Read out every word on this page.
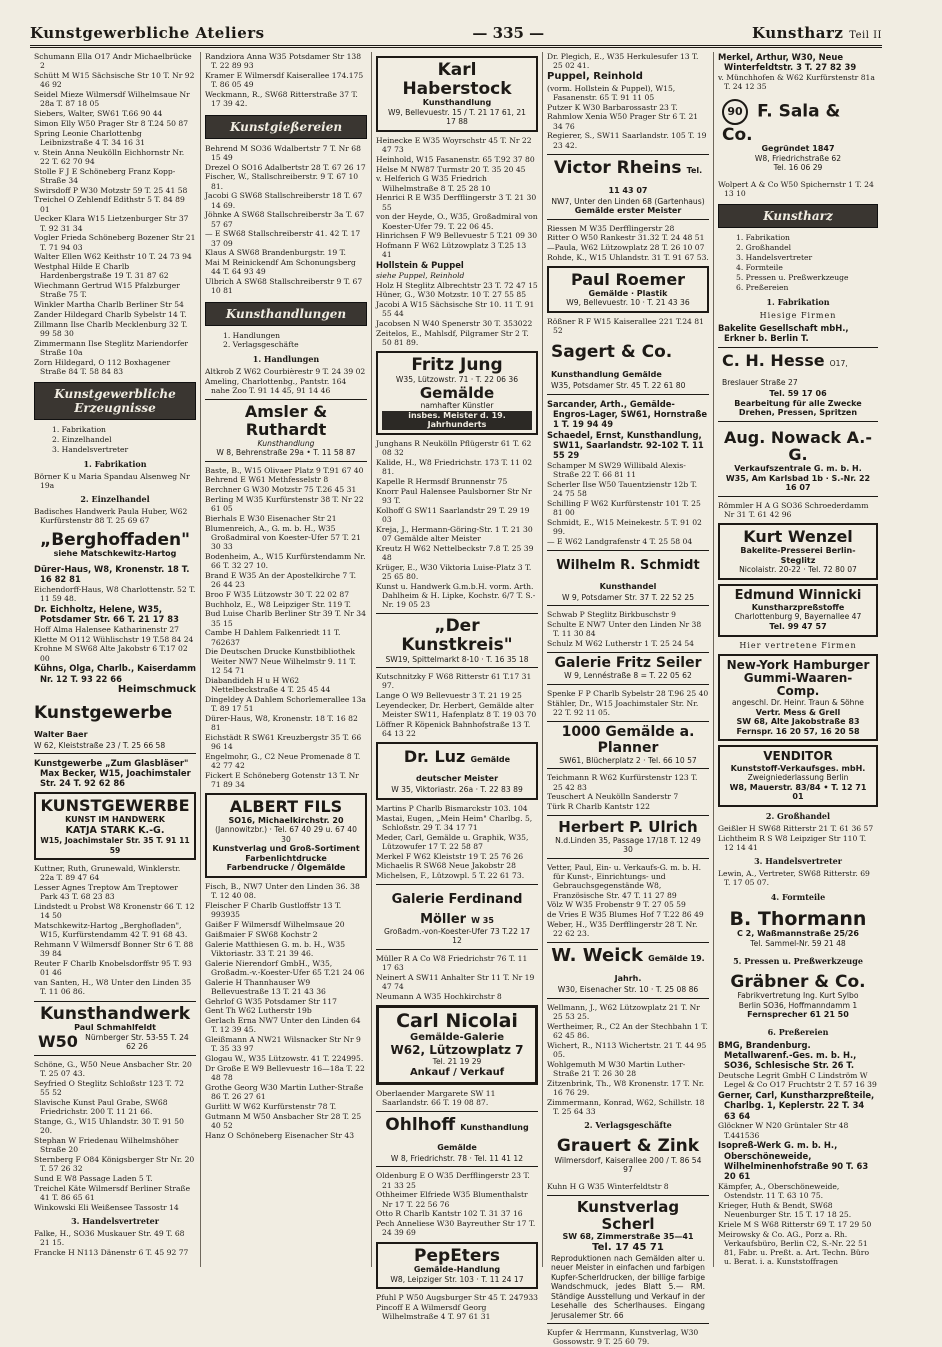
Kunstgewerbliche Ateliers	— 335 —	Kunstharz Teil II
Schumann Ella O17 Andr Michaelbrücke 2
Schütt M W15 Sächsische Str 10 T. Nr 92 46 92
Seidel Mieze Wilmersdf Wilhelmsaue Nr 28a T. 87 18 05
Siebers, Walter, SW61 T.66 90 44
Simon Elly W50 Prager Str 8 T.24 50 87
Spring Leonie Charlottenbg Leibnizstraße 4 T. 34 16 31
v. Stein Anna Neukölln Eichhornstr Nr. 22 T. 62 70 94
Stolle F J E Schöneberg Franz Kopp-Straße 34
Swirsdoff P W30 Motzstr 59 T. 25 41 58
Treichel O Zehlendf Edithstr 5 T. 84 89 01
Uecker Klara W15 Lietzenburger Str 37 T. 92 31 34
Vogler Frieda Schöneberg Bozener Str 21 T. 71 94 03
Walter Ellen W62 Keithstr 10 T. 24 73 94
Westphal Hilde E Charlb Hardenbergstraße 19 T. 31 87 62
Wiechmann Gertrud W15 Pfalzburger Straße 75 T.
Winkler Martha Charlb Berliner Str 54
Zander Hildegard Charlb Sybelstr 14 T.
Zillmann Ilse Charlb Mecklenburg 32 T. 99 58 30
Zimmermann Ilse Steglitz Mariendorfer Straße 10a
Zorn Hildegard, O 112 Boxhagener Straße 84 T. 58 84 83
Kunstgewerbliche Erzeugnisse
1. Fabrikation
2. Einzelhandel
3. Handelsvertreter
1. Fabrikation
Börner K u Maria Spandau Alsenweg Nr 19a
2. Einzelhandel
Badisches Handwerk Paula Huber, W62 Kurfürstenstr 88 T. 25 69 67
„Berghoffaden"
siehe Matschkewitz-Hartog
Dürer-Haus, W8, Kronenstr. 18 T. 16 82 81
Eichendorff-Haus, W8 Charlottenstr. 52 T. 11 59 48.
Dr. Eichholtz, Helene, W35, Potsdamer Str. 66 T. 21 17 83
Hoff Alma Halensee Katharinenstr 27
Klette M O112 Wühlischstr 19 T.58 84 24
Krohne M SW68 Alte Jakobstr 6 T.17 02 00
Kühns, Olga, Charlb., Kaiserdamm Nr. 12 T. 93 22 66
Heimschmuck
Kunstgewerbe Walter Baer
W 62, Kleiststraße 23 / T. 25 66 58
Kunstgewerbe „Zum Glasbläser" Max Becker, W15, Joachimstaler Str. 24 T. 92 62 86
KUNSTGEWERBE
KUNST IM HANDWERK
KATJA STARK K.-G.
W15, Joachimstaler Str. 35 T. 91 11 59
Kuttner, Ruth, Grunewald, Winklerstr. 22a T. 89 47 64
Lesser Agnes Treptow Am Treptower Park 43 T. 68 23 83
Lindstedt u Probst W8 Kronenstr 66 T. 12 14 50
Matschkewitz-Hartog „Berghofladen", W15, Kurfürstendamm 42 T. 91 68 43.
Rehmann V Wilmersdf Bonner Str 6 T. 88 39 84
Reuter F Charlb Knobelsdorffstr 95 T. 93 01 46
van Santen, H., W8 Unter den Linden 35 T. 11 06 86.
Kunsthandwerk
Paul Schmahlfeldt
W50 Nürnberger Str. 53-55 T. 24 62 26
Schöne, G., W50 Neue Ansbacher Str. 20 T. 25 07 43.
Seyfried O Steglitz Schloßstr 123 T. 72 55 52
Slavische Kunst Paul Grabe, SW68 Friedrichstr. 200 T. 11 21 66.
Stange, G., W15 Uhlandstr. 30 T. 91 50 20.
Stephan W Friedenau Wilhelmshöher Straße 20
Sternberg F O84 Königsberger Str Nr. 20 T. 57 26 32
Sund E W8 Passage Laden 5 T.
Treichel Käte Wilmersdf Berliner Straße 41 T. 86 65 61
Winkowski Eli Weißensee Tassostr 14
3. Handelsvertreter
Falke, H., SO36 Muskauer Str. 49 T. 68 21 15.
Francke H N113 Dänenstr 6 T. 45 92 77
Randziora Anna W35 Potsdamer Str 138 T. 22 89 93
Kramer E Wilmersdf Kaiserallee 174.175 T. 86 05 49
Weckmann, R., SW68 Ritterstraße 37 T. 17 39 42.
Kunstgießereien
Behrend M SO36 Wdalbertstr 7 T. Nr 68 15 49
Drezel O SO16 Adalbertstr 28 T. 67 26 17
Fischer, W., Stallschreiberstr. 9 T. 67 10 81.
Jacobi G SW68 Stallschreiberstr 18 T. 67 14 69.
Jöhnke A SW68 Stallschreiberstr 3a T. 67 57 67
— E SW68 Stallschreiberstr 41. 42 T. 17 37 09
Klaus A SW68 Brandenburgstr. 19 T.
Mai M Reinickendf Am Schonungsberg 44 T. 64 93 49
Ulbrich A SW68 Stallschreiberstr 9 T. 67 10 81
Kunsthandlungen
1. Handlungen
2. Verlagsgeschäfte
1. Handlungen
Altkrob Z W62 Courbièrestr 9 T. 24 39 02
Ameling, Charlottenbg., Pantstr. 164 nahe Zoo T. 91 14 45, 91 14 46
Amsler & Ruthardt
Kunsthandlung
W 8, Behrenstraße 29a • T. 11 58 87
Baste, B., W15 Olivaer Platz 9 T.91 67 40
Behrend E W61 Methfesselstr 8
Berchner G W30 Motzstr 75 T.26 45 31
Berling M W35 Kurfürstenstr 38 T. Nr 22 61 05
Bierhals E W30 Eisenacher Str 21
Blumenreich, A., G. m. b. H., W35 Großadmiral von Koester-Ufer 57 T. 21 30 33
Bodenheim, A., W15 Kurfürstendamm Nr. 66 T. 32 27 10.
Brand E W35 An der Apostelkirche 7 T. 26 44 23
Broo F W35 Lützowstr 30 T. 22 02 87
Buchholz, E., W8 Leipziger Str. 119 T.
Bud Luise Charlb Berliner Str 39 T. Nr 34 35 15
Cambe H Dahlem Falkenriedt 11 T. 762637
Die Deutschen Drucke Kunstbibliothek Weiter NW7 Neue Wilhelmstr 9. 11 T. 12 54 71
Diabandideh H u H W62 Nettelbeckstraße 4 T. 25 45 44
Dingeldey A Dahlem Schorlemerallee 13a T. 89 17 51
Dürer-Haus, W8, Kronenstr. 18 T. 16 82 81
Eichstädt R SW61 Kreuzbergstr 35 T. 66 96 14
Engelmohr, G., C2 Neue Promenade 8 T. 42 77 42
Fickert E Schöneberg Gotenstr 13 T. Nr 71 89 34
ALBERT FILS
SO16, Michaelkirchstr. 20
(Jannowitzbr.) · Tel. 67 40 29 u. 67 40 30
Kunstverlag und Groß-Sortiment
Farbenlichtdrucke
Farbendrucke / Ölgemälde
Fisch, B., NW7 Unter den Linden 36. 38 T. 12 40 08.
Fleischer F Charlb Gustloffstr 13 T. 993935
Gaißer F Wilmersdf Wilhelmsaue 20
Gaißmaier F SW68 Kochstr 2
Galerie Matthiesen G. m. b. H., W35 Viktoriastr. 33 T. 21 39 46.
Galerie Nierendorf GmbH., W35, Großadm.-v.-Koester-Ufer 65 T.21 24 06
Galerie H Thannhauser W9 Bellevuestraße 13 T. 21 43 36
Gehrlof G W35 Potsdamer Str 117
Gent Th W62 Lutherstr 19b
Gerlach Erna NW7 Unter den Linden 64 T. 12 39 45.
Gleißmann A NW21 Wilsnacker Str Nr 9 T. 35 33 97
Glogau W., W35 Lützowstr. 41 T. 224995.
Dr Große E W9 Bellevuestr 16—18a T. 22 48 78
Grothe Georg W30 Martin Luther-Straße 86 T. 26 27 61
Gurlitt W W62 Kurfürstenstr 78 T.
Gutmann M W50 Ansbacher Str 28 T. 25 40 52
Hanz O Schöneberg Eisenacher Str 43
Karl Haberstock
Kunsthandlung
W9, Bellevuestr. 15 / T. 21 17 61, 21 17 88
Heinecke E W35 Woyrschstr 45 T. Nr 22 47 73
Heinhold, W15 Fasanenstr. 65 T.92 37 80
Helse M NW87 Turmstr 20 T. 35 20 45
v. Helferich G W35 Friedrich Wilhelmstraße 8 T. 25 28 10
Henrici R E W35 Derfflingerstr 3 T. 21 30 55
von der Heyde, O., W35, Großadmiral von Koester-Ufer 79. T. 22 06 45.
Hinrichsen F W9 Bellevuestr 5 T.21 09 30
Hofmann F W62 Lützowplatz 3 T.25 13 41
Hollstein & Puppel
siehe Puppel, Reinhold
Holz H Steglitz Albrechtstr 23 T. 72 47 15
Hüner, G., W30 Motzstr. 10 T. 27 55 85
Jacobi A W15 Sächsische Str 10. 11 T. 91 55 44
Jacobsen N W40 Spenerstr 30 T. 353022
Zeitelos, E., Mahlsdf, Pilgramer Str 2 T. 50 81 89.
Fritz Jung
W35, Lützowstr. 71 · T. 22 06 36
Gemälde
namhafter Künstler
insbes. Meister d. 19. Jahrhunderts
Junghans R Neukölln Pflügerstr 61 T. 62 08 32
Kalide, H., W8 Friedrichstr. 173 T. 11 02 81.
Kapelle R Hermsdf Brunnenstr 75
Knorr Paul Halensee Paulsborner Str Nr 93 T.
Kolhoff G SW11 Saarlandstr 29 T. 29 19 03
Kreja, J., Hermann-Göring-Str. 1 T. 21 30 07 Gemälde alter Meister
Kreutz H W62 Nettelbeckstr 7.8 T. 25 39 48
Krüger, E., W30 Viktoria Luise-Platz 3 T. 25 65 80.
Kunst u. Handwerk G.m.b.H. vorm. Arth. Dahlheim & H. Lipke, Kochstr. 6/7 T. S.-Nr. 19 05 23
„Der Kunstkreis"
SW19, Spittelmarkt 8-10 · T. 16 35 18
Kutschnitzky F W68 Ritterstr 61 T.17 31 97.
Lange O W9 Bellevuestr 3 T. 21 19 25
Leyendecker, Dr. Herbert, Gemälde alter Meister SW11, Hafenplatz 8 T. 19 03 70
Löffner R Köpenick Bahnhofstraße 13 T. 64 13 22
Dr. Luz Gemälde deutscher Meister
W 35, Viktoriastr. 26a · T. 22 83 89
Martins P Charlb Bismarckstr 103. 104
Mastai, Eugen, „Mein Heim" Charlbg. 5, Schloßstr. 29 T. 34 17 71
Meder, Carl, Gemälde u. Graphik, W35, Lützowufer 17 T. 22 58 87
Merkel F W62 Kleiststr 19 T. 25 76 26
Michaelis R SW68 Neue Jakobstr 28
Michelsen, F., Lützowpl. 5 T. 22 61 73.
Galerie Ferdinand Möller W 35
Großadm.-von-Koester-Ufer 73 T.22 17 12
Müller R A Co W8 Friedrichstr 76 T. 11 17 63
Neinert A SW11 Anhalter Str 11 T. Nr 19 47 74
Neumann A W35 Hochkirchstr 8
Carl Nicolai
Gemälde-Galerie
W62, Lützowplatz 7
Tel. 21 19 29
Ankauf / Verkauf
Oberlaender Margarete SW 11 Saarlandstr. 66 T. 19 08 87.
Ohlhoff Kunsthandlung Gemälde
W 8, Friedrichstr. 78 · Tel. 11 41 12
Oldenburg E O W35 Derfflingerstr 23 T. 21 33 25
Othheimer Elfriede W35 Blumenthalstr Nr 17 T. 22 56 76
Otto R Charlb Kantstr 102 T. 31 37 16
Pech Anneliese W30 Bayreuther Str 17 T. 24 39 69
PepEters
Gemälde-Handlung
W8, Leipziger Str. 103 · T. 11 24 17
Pfuhl P W50 Augsburger Str 45 T. 247933
Pincoff E A Wilmersdf Georg Wilhelmstraße 4 T. 97 61 31
Dr. Plegich, E., W35 Herkulesufer 13 T. 25 02 41.
Puppel, Reinhold
(vorm. Hollstein & Puppel), W15, Fasanenstr. 65 T. 91 11 05
Putzer K W30 Barbarossastr 23 T.
Rahmlow Xenia W50 Prager Str 6 T. 21 34 76
Regierer, S., SW11 Saarlandstr. 105 T. 19 23 42.
Victor Rheins Tel. 11 43 07
NW7, Unter den Linden 68 (Gartenhaus)
Gemälde erster Meister
Riessen M W35 Derfflingerstr 28
Ritter O W50 Rankestr 31.32 T. 24 48 51
—Paula, W62 Lützowplatz 28 T. 26 10 07
Rohde, K., W15 Uhlandstr. 31 T. 91 67 53.
Paul Roemer
Gemälde · Plastik
W9, Bellevuestr. 10 · T. 21 43 36
Rößner R F W15 Kaiserallee 221 T.24 81 52
Sagert & Co. Kunsthandlung Gemälde
W35, Potsdamer Str. 45 T. 22 61 80
Sarcander, Arth., Gemälde-Engros-Lager, SW61, Hornstraße 1 T. 19 94 49
Schaedel, Ernst, Kunsthandlung, SW11, Saarlandstr. 92-102 T. 11 55 29
Schamper M SW29 Willibald Alexis-Straße 22 T. 66 81 11
Scherler Ilse W50 Tauentzienstr 12b T. 24 75 58
Schilling F W62 Kurfürstenstr 101 T. 25 81 00
Schmidt, E., W15 Meinekestr. 5 T. 91 02 99.
— E W62 Landgrafenstr 4 T. 25 58 04
Wilhelm R. Schmidt Kunsthandel
W 9, Potsdamer Str. 37 T. 22 52 25
Schwab P Steglitz Birkbuschstr 9
Schulte E NW7 Unter den Linden Nr 38 T. 11 30 84
Schulz M W62 Lutherstr 1 T. 25 24 54
Galerie Fritz Seiler
W 9, Lennéstraße 8 = T. 22 05 62
Spenke F P Charlb Sybelstr 28 T.96 25 40
Stähler, Dr., W15 Joachimstaler Str. Nr. 22 T. 92 11 05.
1000 Gemälde a. Planner
SW61, Blücherplatz 2 · Tel. 66 10 57
Teichmann R W62 Kurfürstenstr 123 T. 25 42 83
Teuschert A Neukölln Sanderstr 7
Türk R Charlb Kantstr 122
Herbert P. Ulrich
N.d.Linden 35, Passage 17/18 T. 12 49 30
Vetter, Paul, Ein- u. Verkaufs-G. m. b. H. für Kunst-, Einrichtungs- und Gebrauchsgegenstände W8, Französische Str. 47 T. 11 27 89
Völz W W35 Frobenstr 9 T. 27 05 59
de Vries E W35 Blumes Hof 7 T.22 86 49
Weber, H., W35 Derfflingerstr 28 T. Nr. 22 62 23.
W. Weick Gemälde 19. Jahrh.
W30, Eisenacher Str. 10 · T. 25 08 86
Wellmann, J., W62 Lützowplatz 21 T. Nr 25 53 25.
Wertheimer, R., C2 An der Stechbahn 1 T. 62 45 86.
Wichert, R., N113 Wichertstr. 21 T. 44 95 05.
Wohlgemuth M W30 Martin Luther-Straße 21 T. 26 30 28
Zitzenbrink, Th., W8 Kronenstr. 17 T. Nr. 16 76 29.
Zimmermann, Konrad, W62, Schillstr. 18 T. 25 64 33
2. Verlagsgeschäfte
Grauert & Zink
Wilmersdorf, Kaiserallee 200 / T. 86 54 97
Kuhn H G W35 Winterfeldtstr 8
Kunstverlag Scherl
SW 68, Zimmerstraße 35—41
Tel. 17 45 71
Reproduktionen nach Gemälden alter u. neuer Meister in einfachen und farbigen Kupfer-Scherldrucken, der billige farbige Wandschmuck, jedes Blatt 5.— RM. Ständige Ausstellung und Verkauf in der Lesehalle des Scherlhauses. Eingang Jerusalemer Str. 66
Kupfer & Herrmann, Kunstverlag, W30 Gossowstr. 9 T. 25 60 79.
Merkel, Arthur, W30, Neue Winterfeldtstr. 3 T. 27 82 39
v. Münchhofen & W62 Kurfürstenstr 81a T. 24 12 35
90 F. Sala & Co.
Gegründet 1847
W8, Friedrichstraße 62
Tel. 16 06 29
Wolpert A & Co W50 Spichernstr 1 T. 24 13 10
Kunstharz
1. Fabrikation
2. Großhandel
3. Handelsvertreter
4. Formteile
5. Pressen u. Preßwerkzeuge
6. Preßereien
1. Fabrikation
Hiesige Firmen
Bakelite Gesellschaft mbH., Erkner b. Berlin T.
C. H. Hesse O17, Breslauer Straße 27
Tel. 59 17 06
Bearbeitung für alle Zwecke
Drehen, Pressen, Spritzen
Aug. Nowack A.-G.
Verkaufszentrale G. m. b. H.
W35, Am Karlsbad 1b · S.-Nr. 22 16 07
Römmler H A G SO36 Schroederdamm Nr 31 T. 61 42 96
Kurt Wenzel
Bakelite-Presserei Berlin-Steglitz
Nicolaistr. 20-22 · Tel. 72 80 07
Edmund Winnicki
Kunstharzpreßstoffe
Charlottenburg 9, Bayernallee 47
Tel. 99 47 57
Hier vertretene Firmen
New-York Hamburger Gummi-Waaren-Comp.
angeschl. Dr. Heinr. Traun & Söhne
Vertr. Mess & Grell
SW 68, Alte Jakobstraße 83
Fernspr. 16 20 57, 16 20 58
VENDITOR
Kunststoff-Verkaufsges. mbH.
Zweigniederlassung Berlin
W8, Mauerstr. 83/84 • T. 12 71 01
2. Großhandel
Geißler H SW68 Ritterstr 21 T. 61 36 57
Lichtheim R S W8 Leipziger Str 110 T. 12 14 41
3. Handelsvertreter
Lewin, A., Vertreter, SW68 Ritterstr. 69 T. 17 05 07.
4. Formteile
B. Thormann
C 2, Waßmannstraße 25/26
Tel. Sammel-Nr. 59 21 48
5. Pressen u. Preßwerkzeuge
Gräbner & Co.
Fabrikvertretung Ing. Kurt Sylbo
Berlin SO36, Hoffmanndamm 1
Fernsprecher 61 21 50
6. Preßereien
BMG, Brandenburg. Metallwarenf.-Ges. m. b. H., SO36, Schlesische Str. 26 T.
Deutsche Legrit GmbH C Lindström W Legel & Co O17 Fruchtstr 2 T. 57 16 39
Gerner, Carl, Kunstharzpreßteile, Charlbg. 1, Keplerstr. 22 T. 34 63 64
Glöckner W N20 Grüntaler Str 48 T.441536
Isopreß-Werk G. m. b. H., Oberschöneweide, Wilhelminenhofstraße 90 T. 63 20 61
Kämpfer, A., Oberschöneweide, Ostendstr. 11 T. 63 10 75.
Krieger, Huth & Bendt, SW68 Neuenburger Str. 15 T. 17 18 25.
Kriele M S W68 Ritterstr 69 T. 17 29 50
Meirowsky & Co. AG., Porz a. Rh. Verkaufsbüro, Berlin C2, S.-Nr. 22 51 81, Fabr. u. Preßt. a. Art. Techn. Büro u. Berat. i. a. Kunststoffragen
